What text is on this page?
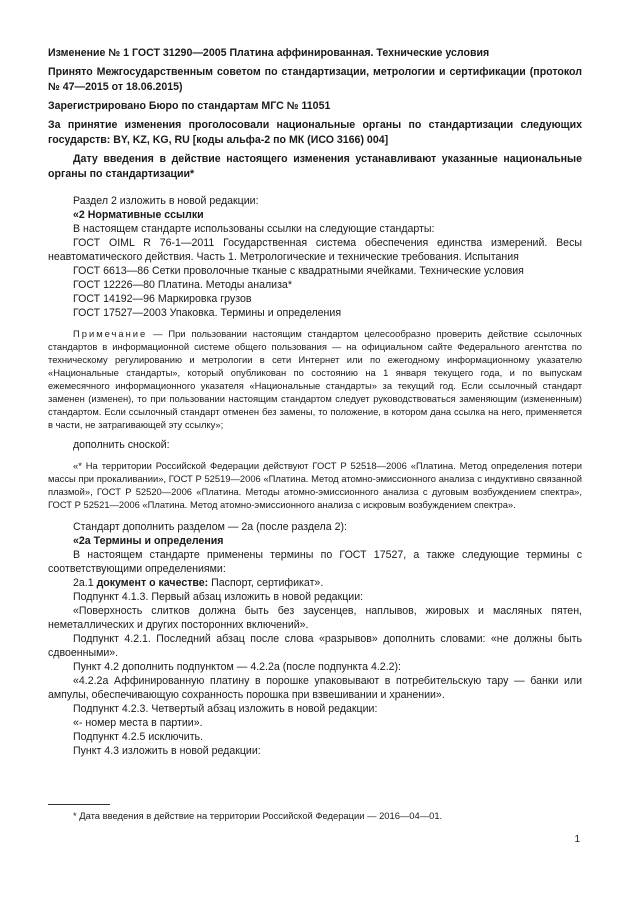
Изменение № 1 ГОСТ 31290—2005 Платина аффинированная. Технические условия

Принято Межгосударственным советом по стандартизации, метрологии и сертификации (протокол № 47—2015 от 18.06.2015)

Зарегистрировано Бюро по стандартам МГС № 11051

За принятие изменения проголосовали национальные органы по стандартизации следующих государств: BY, KZ, KG, RU [коды альфа-2 по МК (ИСО 3166) 004]

Дату введения в действие настоящего изменения устанавливают указанные национальные органы по стандартизации*

Раздел 2 изложить в новой редакции:

«2 Нормативные ссылки

В настоящем стандарте использованы ссылки на следующие стандарты:

ГОСТ OIML R 76-1—2011 Государственная система обеспечения единства измерений. Весы неавтоматического действия. Часть 1. Метрологические и технические требования. Испытания

ГОСТ 6613—86 Сетки проволочные тканые с квадратными ячейками. Технические условия

ГОСТ 12226—80 Платина. Методы анализа*

ГОСТ 14192—96 Маркировка грузов

ГОСТ 17527—2003 Упаковка. Термины и определения

Примечание — При пользовании настоящим стандартом целесообразно проверить действие ссылочных стандартов в информационной системе общего пользования — на официальном сайте Федерального агентства по техническому регулированию и метрологии в сети Интернет или по ежегодному информационному указателю «Национальные стандарты», который опубликован по состоянию на 1 января текущего года, и по выпускам ежемесячного информационного указателя «Национальные стандарты» за текущий год. Если ссылочный стандарт заменен (изменен), то при пользовании настоящим стандартом следует руководствоваться заменяющим (измененным) стандартом. Если ссылочный стандарт отменен без замены, то положение, в котором дана ссылка на него, применяется в части, не затрагивающей эту ссылку»;

дополнить сноской:

«* На территории Российской Федерации действуют ГОСТ Р 52518—2006 «Платина. Метод определения потери массы при прокаливании», ГОСТ Р 52519—2006 «Платина. Метод атомно-эмиссионного анализа с индуктивно связанной плазмой», ГОСТ Р 52520—2006 «Платина. Методы атомно-эмиссионного анализа с дуговым возбуждением спектра», ГОСТ Р 52521—2006 «Платина. Метод атомно-эмиссионного анализа с искровым возбуждением спектра».

Стандарт дополнить разделом — 2а (после раздела 2):

«2а Термины и определения

В настоящем стандарте применены термины по ГОСТ 17527, а также следующие термины с соответствующими определениями:

2а.1 документ о качестве: Паспорт, сертификат».

Подпункт 4.1.3. Первый абзац изложить в новой редакции:

«Поверхность слитков должна быть без заусенцев, наплывов, жировых и масляных пятен, неметаллических и других посторонних включений».

Подпункт 4.2.1. Последний абзац после слова «разрывов» дополнить словами: «не должны быть сдвоенными».

Пункт 4.2 дополнить подпунктом — 4.2.2а (после подпункта 4.2.2):

«4.2.2а Аффинированную платину в порошке упаковывают в потребительскую тару — банки или ампулы, обеспечивающую сохранность порошка при взвешивании и хранении».

Подпункт 4.2.3. Четвертый абзац изложить в новой редакции:

«- номер места в партии».

Подпункт 4.2.5 исключить.

Пункт 4.3 изложить в новой редакции:

* Дата введения в действие на территории Российской Федерации — 2016—04—01.

1
